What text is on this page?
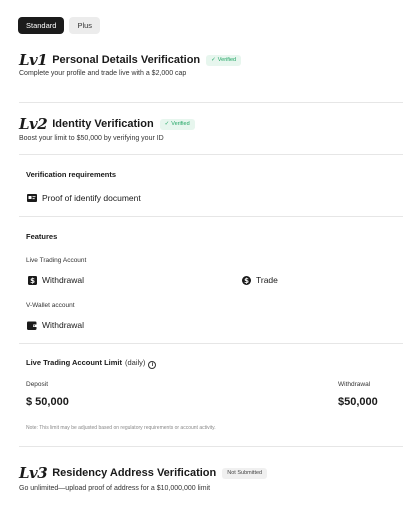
Standard	Plus
Lv1 Personal Details Verification ✓ Verified
Complete your profile and trade live with a $2,000 cap
Lv2 Identity Verification ✓ Verified
Boost your limit to $50,000 by verifying your ID
Verification requirements
Proof of identify document
Features
Live Trading Account
$ Withdrawal	$ Trade
V-Wallet account
Withdrawal
Live Trading Account Limit (daily) i
Deposit	Withdrawal
$ 50,000	$50,000
Note: This limit may be adjusted based on regulatory requirements or account activity.
Lv3 Residency Address Verification	Not Submitted
Go unlimited—upload proof of address for a $10,000,000 limit
